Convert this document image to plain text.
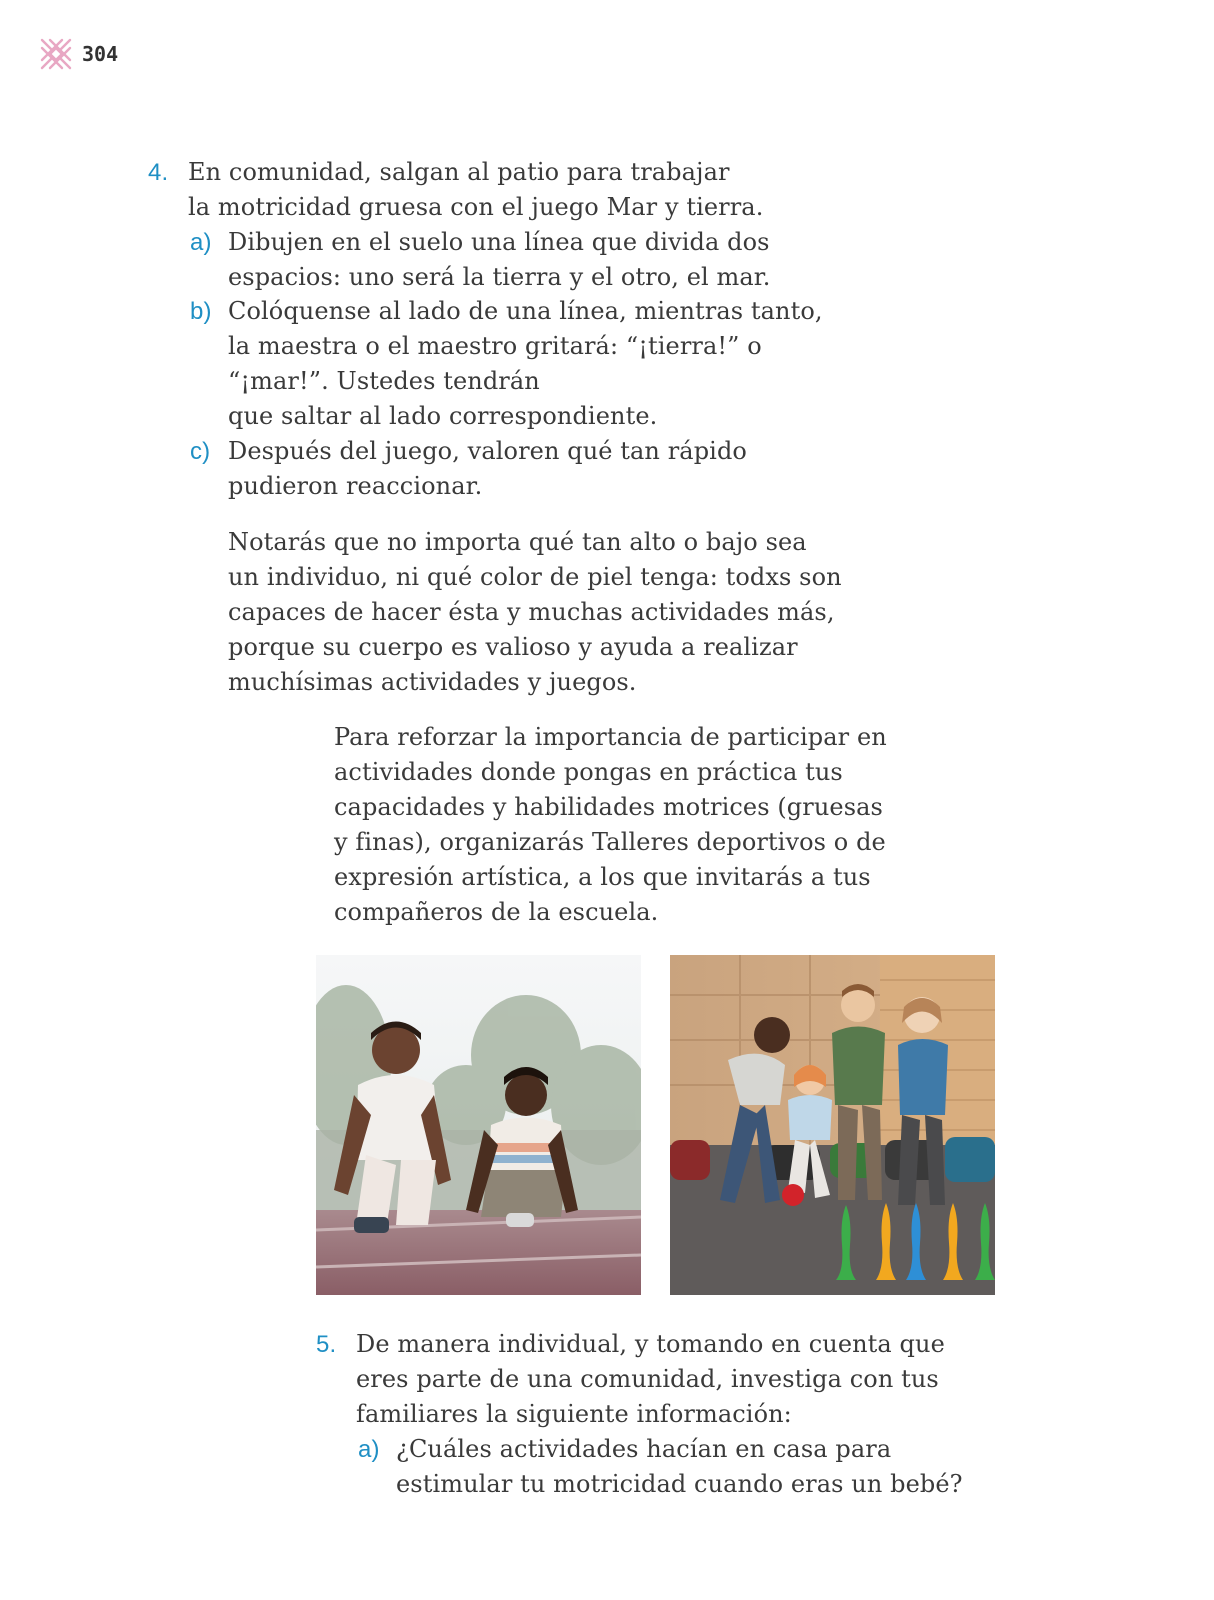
304
4. En comunidad, salgan al patio para trabajar
la motricidad gruesa con el juego Mar y tierra.
a) Dibujen en el suelo una línea que divida dos
espacios: uno será la tierra y el otro, el mar.
b) Colóquense al lado de una línea, mientras tanto,
la maestra o el maestro gritará: “¡tierra!” o
“¡mar!”. Ustedes tendrán
que saltar al lado correspondiente.
c) Después del juego, valoren qué tan rápido
pudieron reaccionar.
Notarás que no importa qué tan alto o bajo sea
un individuo, ni qué color de piel tenga: todxs son
capaces de hacer ésta y muchas actividades más,
porque su cuerpo es valioso y ayuda a realizar
muchísimas actividades y juegos.
Para reforzar la importancia de participar en
actividades donde pongas en práctica tus
capacidades y habilidades motrices (gruesas
y finas), organizarás Talleres deportivos o de
expresión artística, a los que invitarás a tus
compañeros de la escuela.
5. De manera individual, y tomando en cuenta que
eres parte de una comunidad, investiga con tus
familiares la siguiente información:
a) ¿Cuáles actividades hacían en casa para
estimular tu motricidad cuando eras un bebé?
